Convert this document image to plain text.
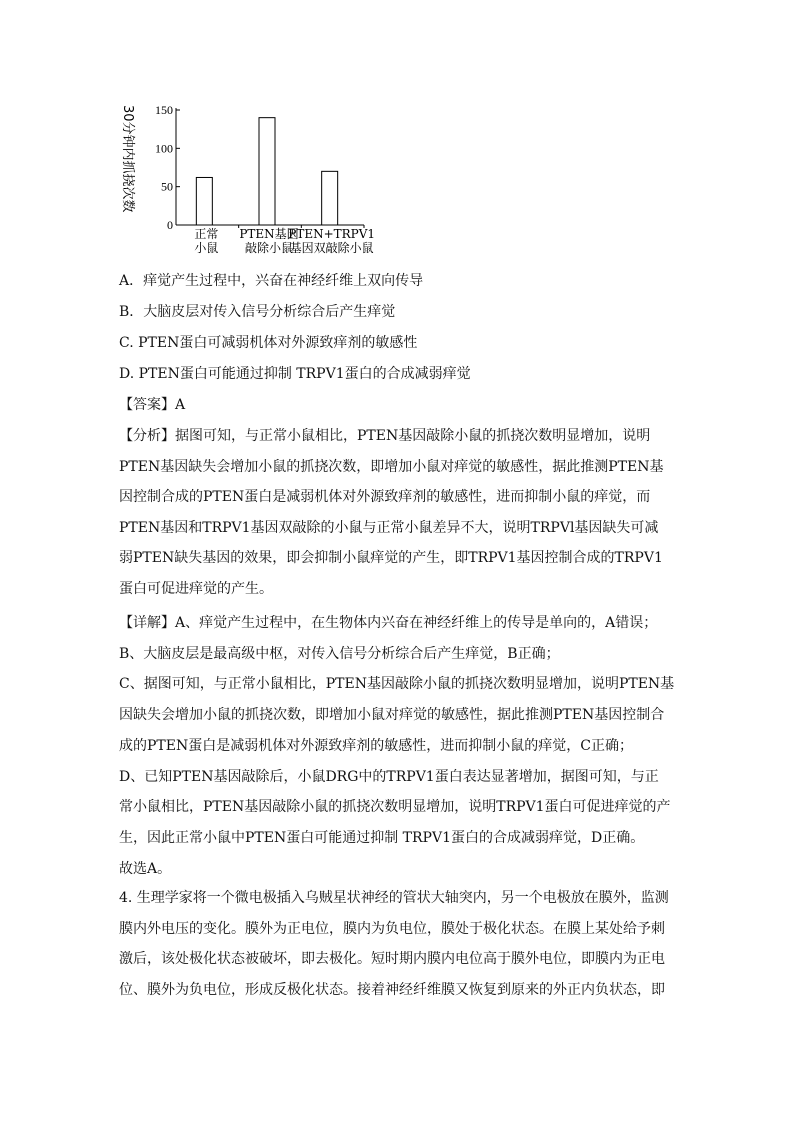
0
50
100
150
30分钟内抓挠次数
正常
小鼠
PTEN基因
敲除小鼠
PTEN+TRPV1
基因双敲除小鼠
A．痒觉产生过程中，兴奋在神经纤维上双向传导
B．大脑皮层对传入信号分析综合后产生痒觉
C. PTEN蛋白可减弱机体对外源致痒剂的敏感性
D. PTEN蛋白可能通过抑制 TRPV1蛋白的合成减弱痒觉
【答案】A
【分析】据图可知，与正常小鼠相比，PTEN基因敲除小鼠的抓挠次数明显增加，说明
PTEN基因缺失会增加小鼠的抓挠次数，即增加小鼠对痒觉的敏感性，据此推测PTEN基
因控制合成的PTEN蛋白是减弱机体对外源致痒剂的敏感性，进而抑制小鼠的痒觉，而
PTEN基因和TRPV1基因双敲除的小鼠与正常小鼠差异不大，说明TRPVl基因缺失可减
弱PTEN缺失基因的效果，即会抑制小鼠痒觉的产生，即TRPV1基因控制合成的TRPV1
蛋白可促进痒觉的产生。
【详解】A、痒觉产生过程中，在生物体内兴奋在神经纤维上的传导是单向的，A错误；
B、大脑皮层是最高级中枢，对传入信号分析综合后产生痒觉，B正确；
C、据图可知，与正常小鼠相比，PTEN基因敲除小鼠的抓挠次数明显增加，说明PTEN基
因缺失会增加小鼠的抓挠次数，即增加小鼠对痒觉的敏感性，据此推测PTEN基因控制合
成的PTEN蛋白是减弱机体对外源致痒剂的敏感性，进而抑制小鼠的痒觉，C正确；
D、已知PTEN基因敲除后，小鼠DRG中的TRPV1蛋白表达显著增加，据图可知，与正
常小鼠相比，PTEN基因敲除小鼠的抓挠次数明显增加，说明TRPV1蛋白可促进痒觉的产
生，因此正常小鼠中PTEN蛋白可能通过抑制 TRPV1蛋白的合成减弱痒觉，D正确。
故选A。
4. 生理学家将一个微电极插入乌贼星状神经的管状大轴突内，另一个电极放在膜外，监测
膜内外电压的变化。膜外为正电位，膜内为负电位，膜处于极化状态。在膜上某处给予刺
激后，该处极化状态被破坏，即去极化。短时期内膜内电位高于膜外电位，即膜内为正电
位、膜外为负电位，形成反极化状态。接着神经纤维膜又恢复到原来的外正内负状态，即
